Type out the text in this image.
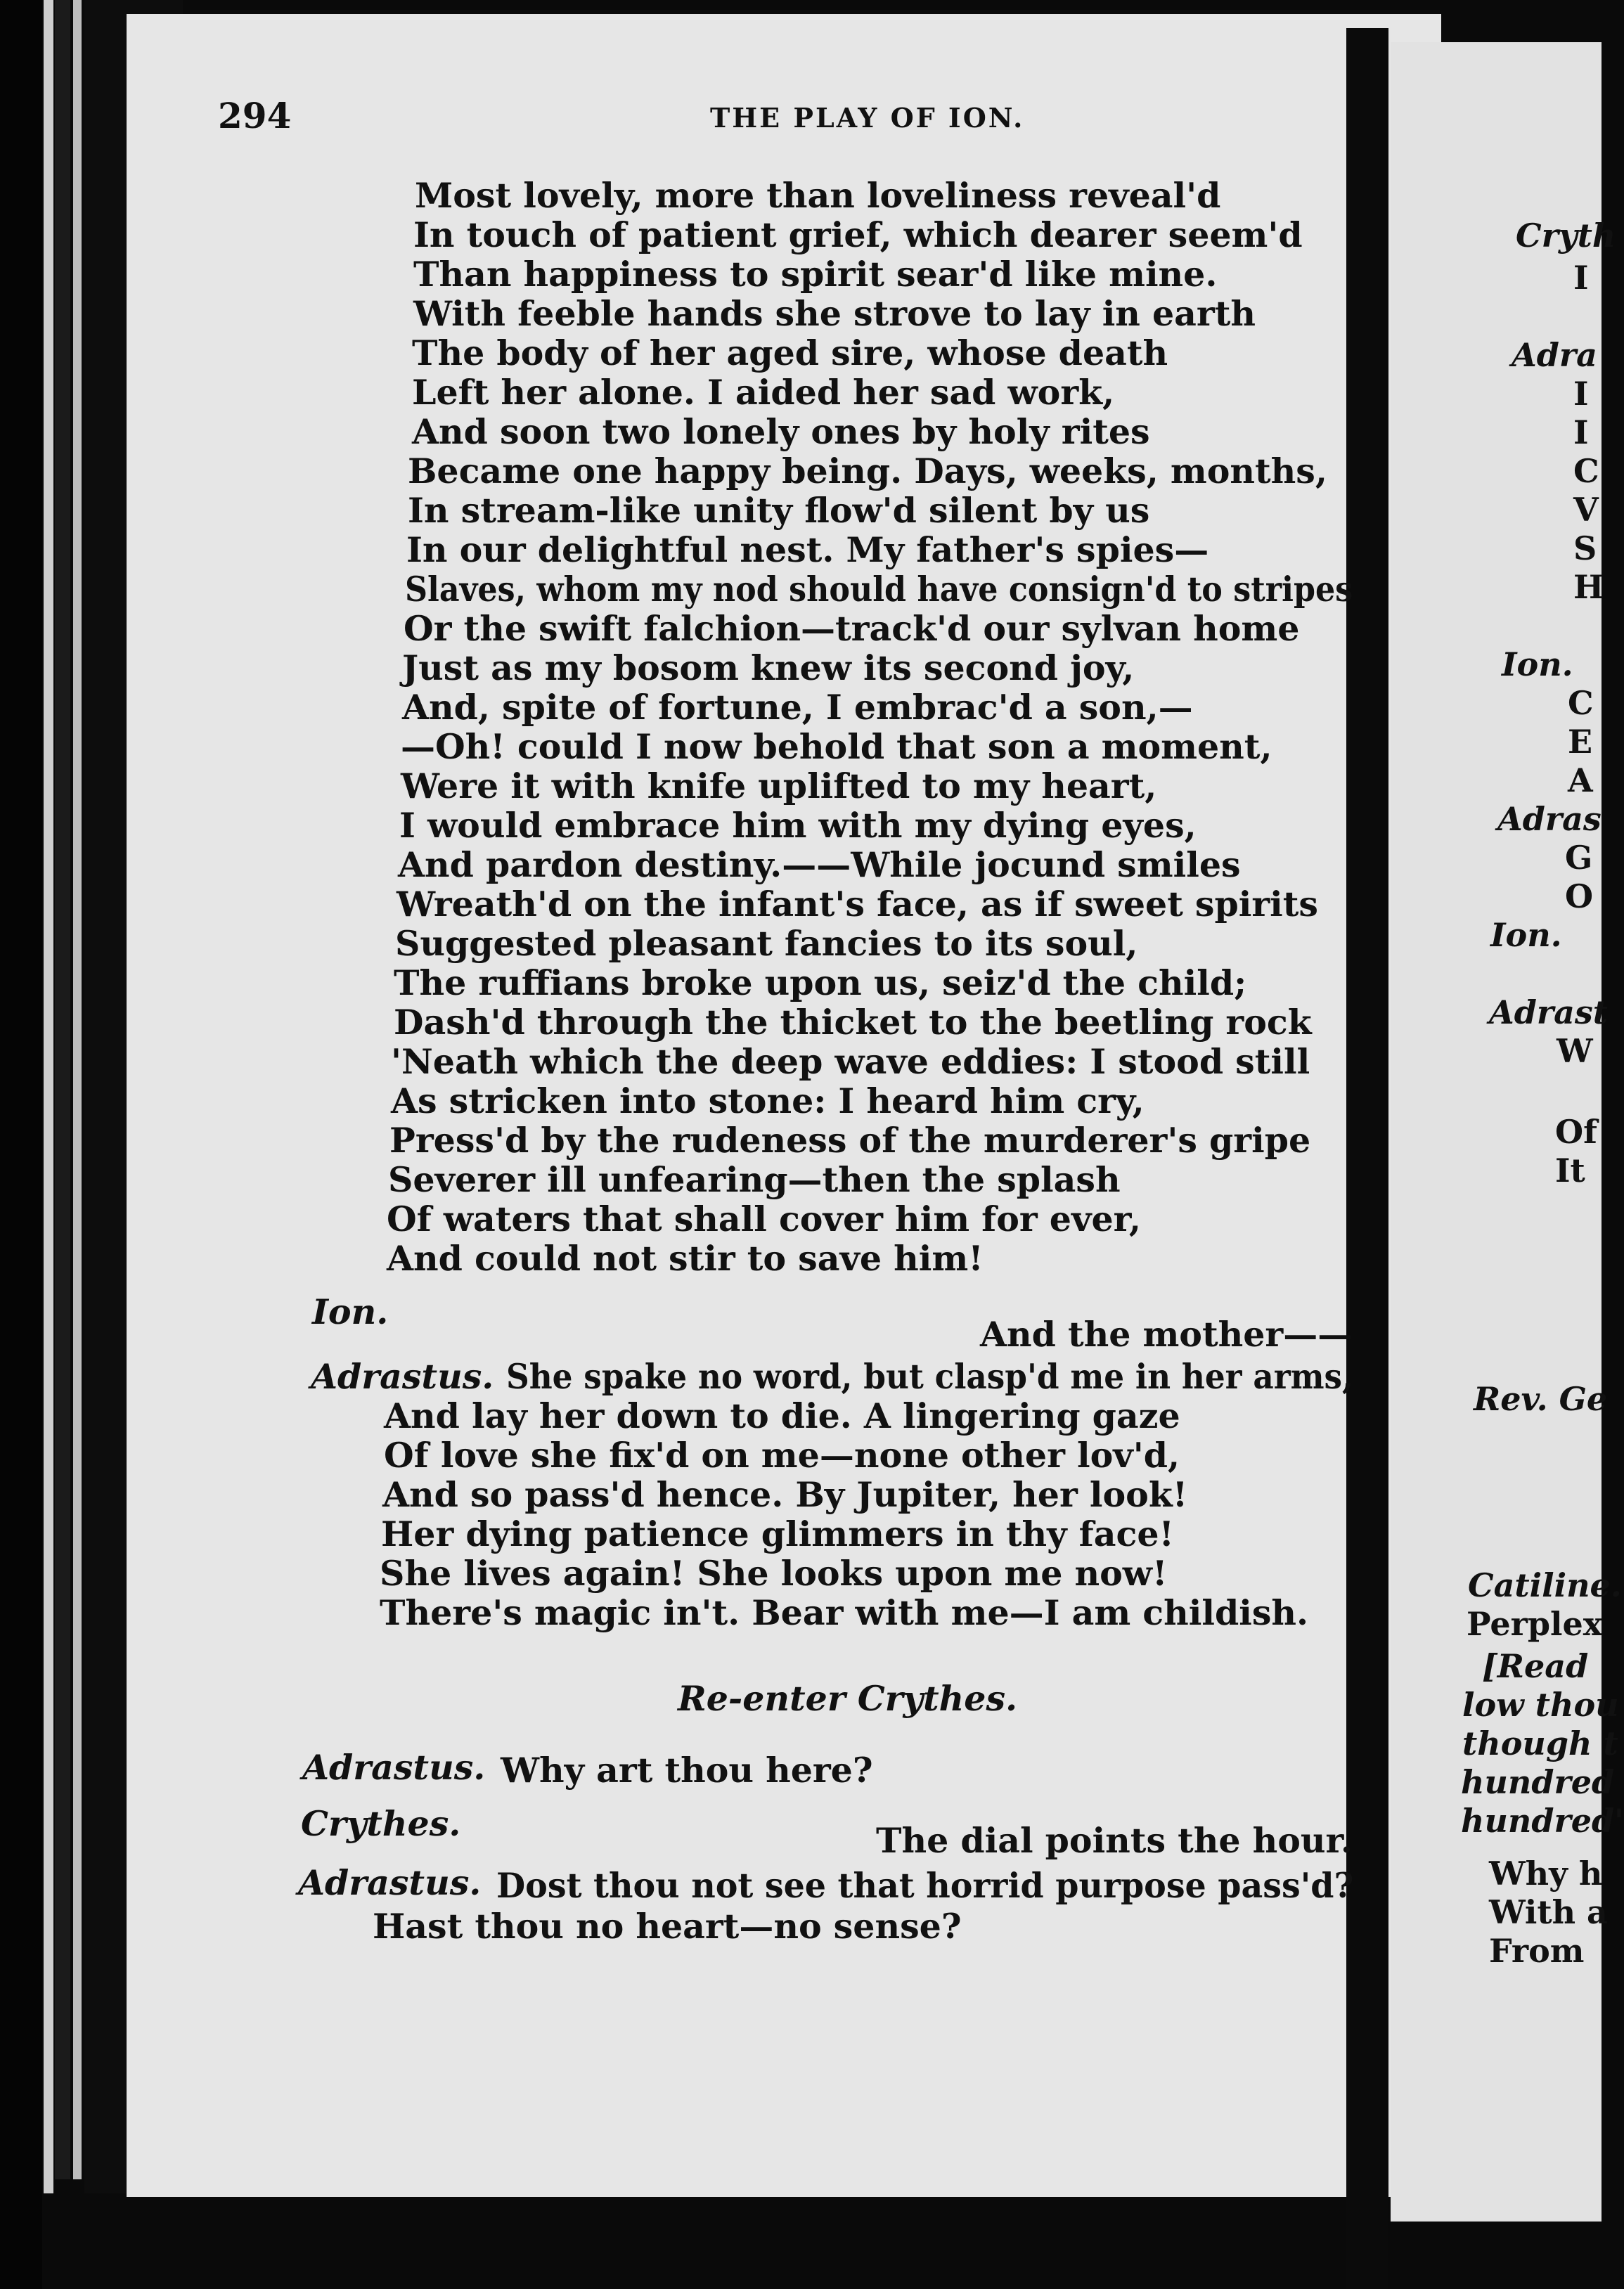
294	THE PLAY OF ION.
Most lovely, more than loveliness reveal'd
In touch of patient grief, which dearer seem'd
Than happiness to spirit sear'd like mine.
With feeble hands she strove to lay in earth
The body of her aged sire, whose death
Left her alone. I aided her sad work,
And soon two lonely ones by holy rites
Became one happy being. Days, weeks, months,
In stream-like unity flow'd silent by us
In our delightful nest. My father's spies—
Slaves, whom my nod should have consign'd to stripes
Or the swift falchion—track'd our sylvan home
Just as my bosom knew its second joy,
And, spite of fortune, I embrac'd a son,—
—Oh! could I now behold that son a moment,
Were it with knife uplifted to my heart,
I would embrace him with my dying eyes,
And pardon destiny.——While jocund smiles
Wreath'd on the infant's face, as if sweet spirits
Suggested pleasant fancies to its soul,
The ruffians broke upon us, seiz'd the child;
Dash'd through the thicket to the beetling rock
'Neath which the deep wave eddies: I stood still
As stricken into stone: I heard him cry,
Press'd by the rudeness of the murderer's gripe
Severer ill unfearing—then the splash
Of waters that shall cover him for ever,
And could not stir to save him!
Ion.
And the mother——
Adrastus. She spake no word, but clasp'd me in her arms,
And lay her down to die. A lingering gaze
Of love she fix'd on me—none other lov'd,
And so pass'd hence. By Jupiter, her look!
Her dying patience glimmers in thy face!
She lives again! She looks upon me now!
There's magic in't. Bear with me—I am childish.
Re-enter Crythes.
Adrastus. Why art thou here?
Crythes.	The dial points the hour.
Adrastus. Dost thou not see that horrid purpose pass'd?
Hast thou no heart—no sense?
Cryth
I
Adra
I
I
C
V
S
H
Ion.
C
E
A
Adras
G
O
Ion.
Adrast
W
Of
It
Rev. Ge
Catiline.
Perplex
[Read
low thou
though t
hundred
hundred'
Why h
With a
From
